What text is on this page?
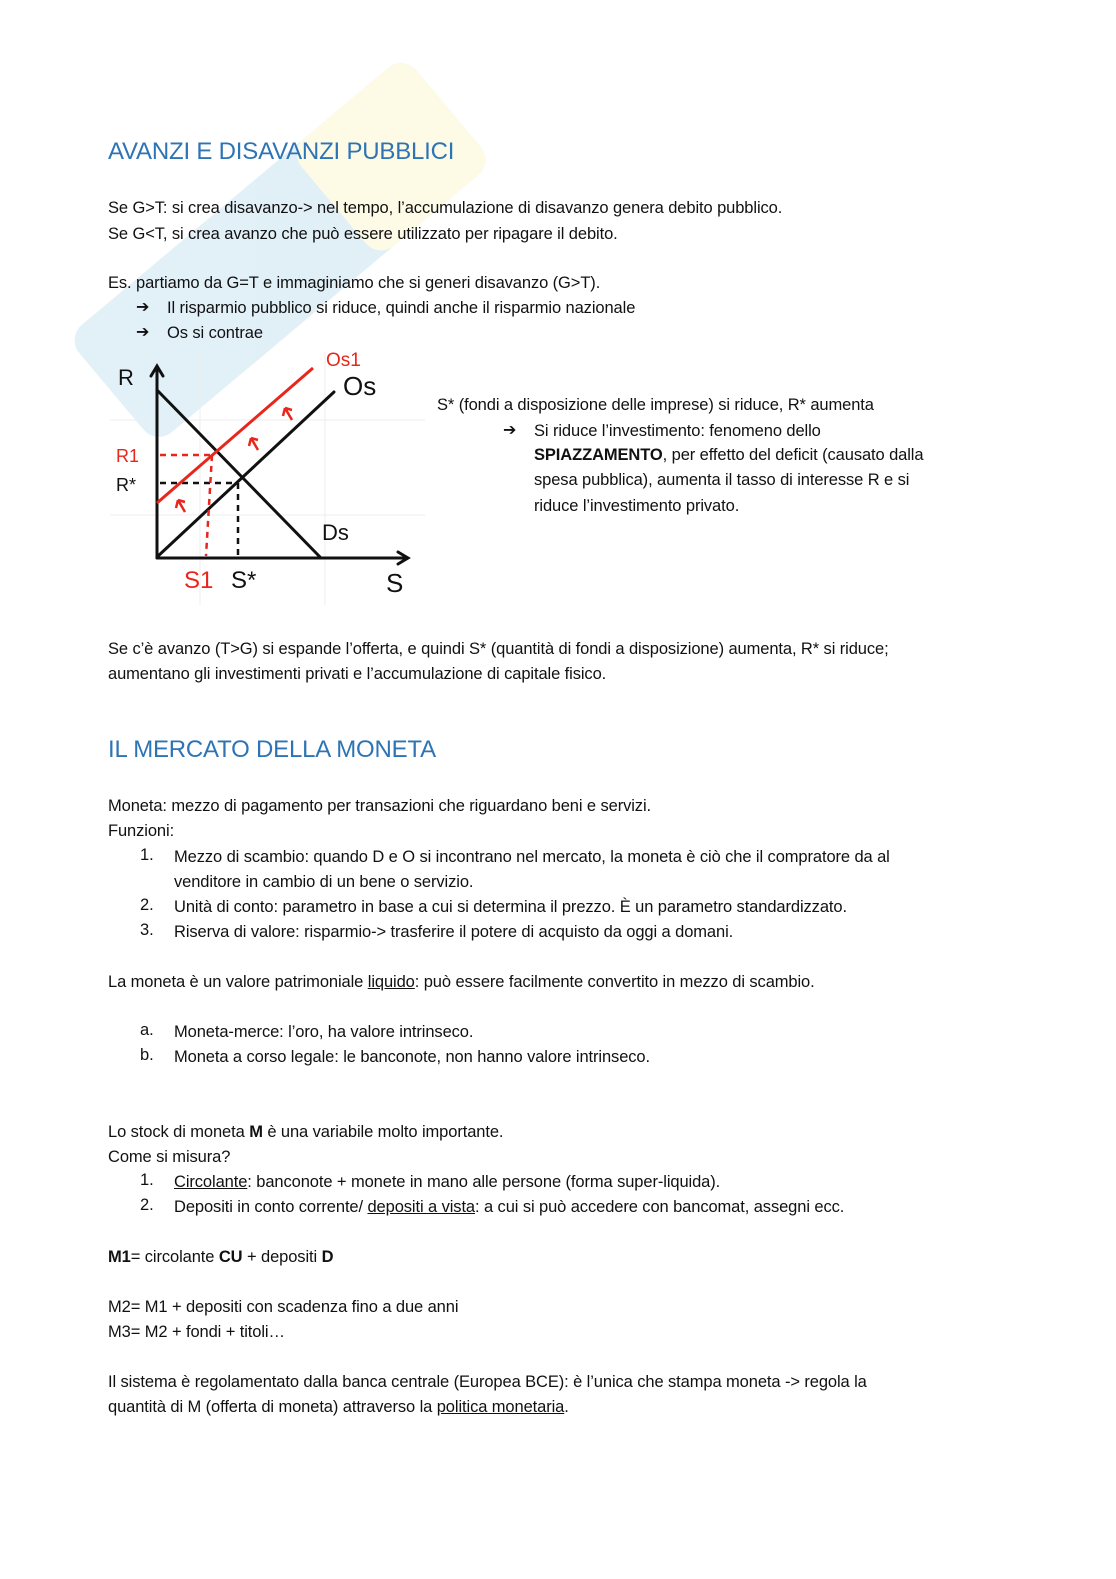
AVANZI E DISAVANZI PUBBLICI
Se G>T: si crea disavanzo-> nel tempo, l’accumulazione di disavanzo genera debito pubblico.
Se G<T, si crea avanzo che può essere utilizzato per ripagare il debito.
Es. partiamo da G=T e immaginiamo che si generi disavanzo (G>T).
➔ Il risparmio pubblico si riduce, quindi anche il risparmio nazionale
➔ Os si contrae
R
S
Os
Os1
Ds
R*
R1
S*
S1
S* (fondi a disposizione delle imprese) si riduce, R* aumenta
➔ Si riduce l’investimento: fenomeno dello
SPIAZZAMENTO, per effetto del deficit (causato dalla
spesa pubblica), aumenta il tasso di interesse R e si
riduce l’investimento privato.
Se c’è avanzo (T>G) si espande l’offerta, e quindi S* (quantità di fondi a disposizione) aumenta, R* si riduce;
aumentano gli investimenti privati e l’accumulazione di capitale fisico.
IL MERCATO DELLA MONETA
Moneta: mezzo di pagamento per transazioni che riguardano beni e servizi.
Funzioni:
1. Mezzo di scambio: quando D e O si incontrano nel mercato, la moneta è ciò che il compratore da al
venditore in cambio di un bene o servizio.
2. Unità di conto: parametro in base a cui si determina il prezzo. È un parametro standardizzato.
3. Riserva di valore: risparmio-> trasferire il potere di acquisto da oggi a domani.
La moneta è un valore patrimoniale liquido: può essere facilmente convertito in mezzo di scambio.
a. Moneta-merce: l’oro, ha valore intrinseco.
b. Moneta a corso legale: le banconote, non hanno valore intrinseco.
Lo stock di moneta M è una variabile molto importante.
Come si misura?
1. Circolante: banconote + monete in mano alle persone (forma super-liquida).
2. Depositi in conto corrente/ depositi a vista: a cui si può accedere con bancomat, assegni ecc.
M1= circolante CU + depositi D
M2= M1 + depositi con scadenza fino a due anni
M3= M2 + fondi + titoli…
Il sistema è regolamentato dalla banca centrale (Europea BCE): è l’unica che stampa moneta -> regola la
quantità di M (offerta di moneta) attraverso la politica monetaria.
